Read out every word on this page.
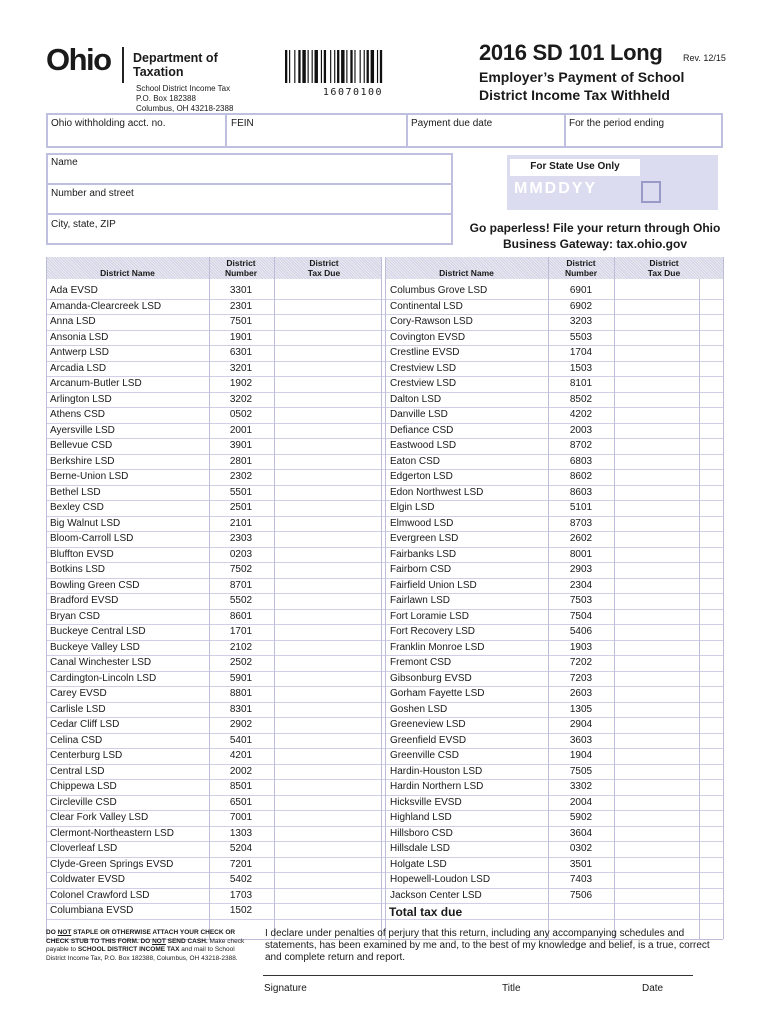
Ohio Department of
Taxation
School District Income Tax
P.O. Box 182388
Columbus, OH 43218-2388
16070100
2016 SD 101 Long Rev. 12/15
Employer’s Payment of School
District Income Tax Withheld
Ohio withholding acct. no.	FEIN	Payment due date	For the period ending
Name
Number and street
City, state, ZIP
For State Use Only
MMDDYY
Go paperless! File your return through Ohio
Business Gateway: tax.ohio.gov
District Name
District
Number
District
Tax Due	District Name
District
Number
District
Tax Due
Ada EVSD	3301	Columbus Grove LSD	6901
Amanda-Clearcreek LSD	2301	Continental LSD	6902
Anna LSD	7501	Cory-Rawson LSD	3203
Ansonia LSD	1901	Covington EVSD	5503
Antwerp LSD	6301	Crestline EVSD	1704
Arcadia LSD	3201	Crestview LSD	1503
Arcanum-Butler LSD	1902	Crestview LSD	8101
Arlington LSD	3202	Dalton LSD	8502
Athens CSD	0502	Danville LSD	4202
Ayersville LSD	2001	Defiance CSD	2003
Bellevue CSD	3901	Eastwood LSD	8702
Berkshire LSD	2801	Eaton CSD	6803
Berne-Union LSD	2302	Edgerton LSD	8602
Bethel LSD	5501	Edon Northwest LSD	8603
Bexley CSD	2501	Elgin LSD	5101
Big Walnut LSD	2101	Elmwood LSD	8703
Bloom-Carroll LSD	2303	Evergreen LSD	2602
Bluffton EVSD	0203	Fairbanks LSD	8001
Botkins LSD	7502	Fairborn CSD	2903
Bowling Green CSD	8701	Fairfield Union LSD	2304
Bradford EVSD	5502	Fairlawn LSD	7503
Bryan CSD	8601	Fort Loramie LSD	7504
Buckeye Central LSD	1701	Fort Recovery LSD	5406
Buckeye Valley LSD	2102	Franklin Monroe LSD	1903
Canal Winchester LSD	2502	Fremont CSD	7202
Cardington-Lincoln LSD	5901	Gibsonburg EVSD	7203
Carey EVSD	8801	Gorham Fayette LSD	2603
Carlisle LSD	8301	Goshen LSD	1305
Cedar Cliff LSD	2902	Greeneview LSD	2904
Celina CSD	5401	Greenfield EVSD	3603
Centerburg LSD	4201	Greenville CSD	1904
Central LSD	2002	Hardin-Houston LSD	7505
Chippewa LSD	8501	Hardin Northern LSD	3302
Circleville CSD	6501	Hicksville EVSD	2004
Clear Fork Valley LSD	7001	Highland LSD	5902
Clermont-Northeastern LSD	1303	Hillsboro CSD	3604
Cloverleaf LSD	5204	Hillsdale LSD	0302
Clyde-Green Springs EVSD	7201	Holgate LSD	3501
Coldwater EVSD	5402	Hopewell-Loudon LSD	7403
Colonel Crawford LSD	1703	Jackson Center LSD	7506
Columbiana EVSD	1502	Total tax due
DO NOT STAPLE OR OTHERWISE ATTACH YOUR CHECK OR CHECK STUB TO THIS FORM. DO NOT SEND CASH. Make check payable to SCHOOL DISTRICT INCOME TAX and mail to School District Income Tax, P.O. Box 182388, Columbus, OH 43218-2388.
I declare under penalties of perjury that this return, including any accompanying schedules and statements, has been examined by me and, to the best of my knowledge and belief, is a true, correct and complete return and report.
Signature	Title	Date
